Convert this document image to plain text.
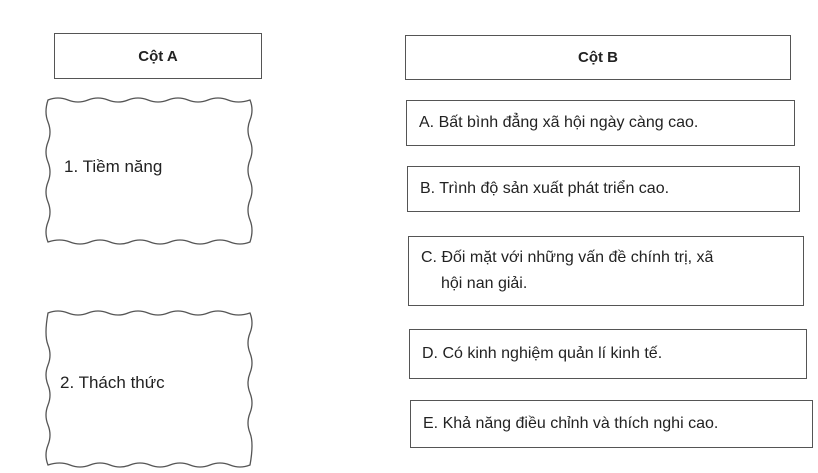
Cột A
1. Tiềm năng
2. Thách thức
Cột B
A. Bất bình đẳng xã hội ngày càng cao.
B. Trình độ sản xuất phát triển cao.
C. Đối mặt với những vấn đề chính trị, xã
hội nan giải.
D. Có kinh nghiệm quản lí kinh tế.
E. Khả năng điều chỉnh và thích nghi cao.
